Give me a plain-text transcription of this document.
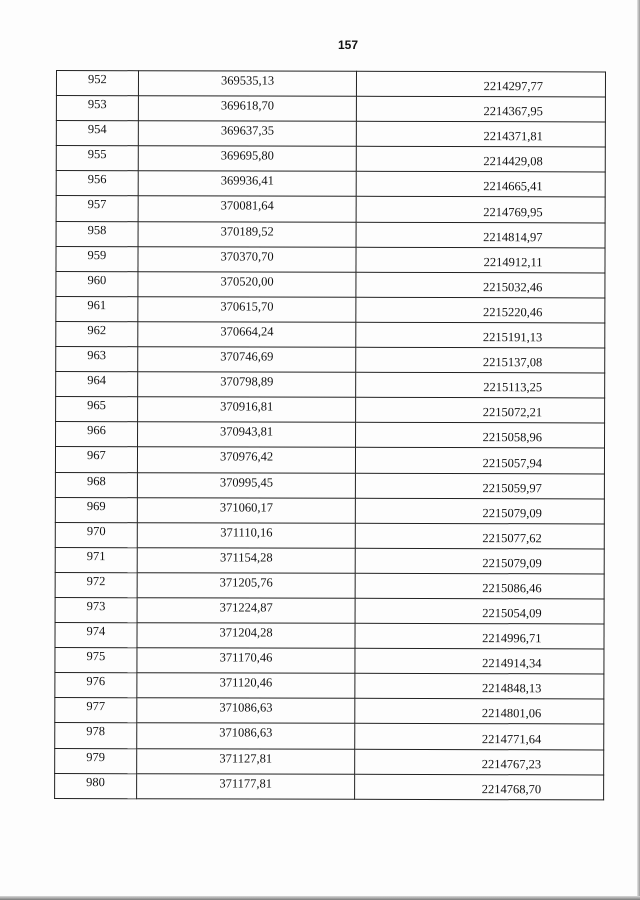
157
952	369535,13	2214297,77
953	369618,70	2214367,95
954	369637,35	2214371,81
955	369695,80	2214429,08
956	369936,41	2214665,41
957	370081,64	2214769,95
958	370189,52	2214814,97
959	370370,70	2214912,11
960	370520,00	2215032,46
961	370615,70	2215220,46
962	370664,24	2215191,13
963	370746,69	2215137,08
964	370798,89	2215113,25
965	370916,81	2215072,21
966	370943,81	2215058,96
967	370976,42	2215057,94
968	370995,45	2215059,97
969	371060,17	2215079,09
970	371110,16	2215077,62
971	371154,28	2215079,09
972	371205,76	2215086,46
973	371224,87	2215054,09
974	371204,28	2214996,71
975	371170,46	2214914,34
976	371120,46	2214848,13
977	371086,63	2214801,06
978	371086,63	2214771,64
979	371127,81	2214767,23
980	371177,81	2214768,70
